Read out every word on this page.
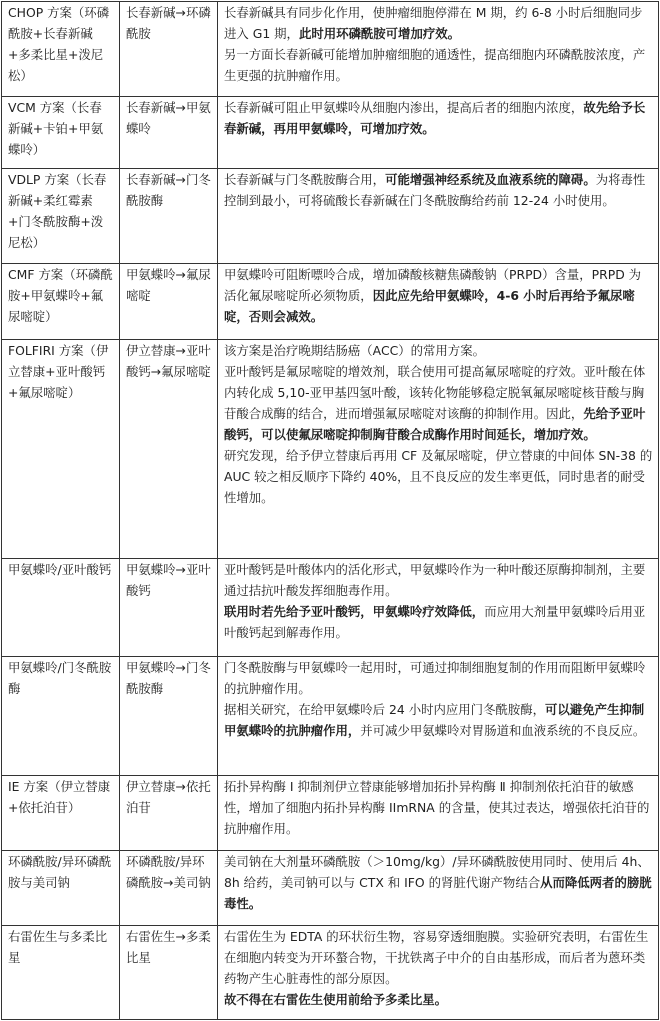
CHOP 方案（环磷酰胺+长春新碱+多柔比星+泼尼松）	长春新碱→环磷酰胺	长春新碱具有同步化作用，使肿瘤细胞停滞在 M 期，约 6-8 小时后细胞同步进入 G1 期，此时用环磷酰胺可增加疗效。
另一方面长春新碱可能增加肿瘤细胞的通透性，提高细胞内环磷酰胺浓度，产生更强的抗肿瘤作用。

VCM 方案（长春新碱+卡铂+甲氨蝶呤）	长春新碱→甲氨蝶呤	长春新碱可阻止甲氨蝶呤从细胞内渗出，提高后者的细胞内浓度，故先给予长春新碱，再用甲氨蝶呤，可增加疗效。

VDLP 方案（长春新碱+柔红霉素+门冬酰胺酶+泼尼松）	长春新碱→门冬酰胺酶	长春新碱与门冬酰胺酶合用，可能增强神经系统及血液系统的障碍。为将毒性控制到最小，可将硫酸长春新碱在门冬酰胺酶给药前 12-24 小时使用。

CMF 方案（环磷酰胺+甲氨蝶呤+氟尿嘧啶）	甲氨蝶呤→氟尿嘧啶	甲氨蝶呤可阻断嘌呤合成，增加磷酸核糖焦磷酸钠（PRPD）含量，PRPD 为活化氟尿嘧啶所必须物质，因此应先给甲氨蝶呤，4-6 小时后再给予氟尿嘧啶，否则会减效。

FOLFIRI 方案（伊立替康+亚叶酸钙+氟尿嘧啶）	伊立替康→亚叶酸钙→氟尿嘧啶	该方案是治疗晚期结肠癌（ACC）的常用方案。
亚叶酸钙是氟尿嘧啶的增效剂，联合使用可提高氟尿嘧啶的疗效。亚叶酸在体内转化成 5,10-亚甲基四氢叶酸，该转化物能够稳定脱氧氟尿嘧啶核苷酸与胸苷酸合成酶的结合，进而增强氟尿嘧啶对该酶的抑制作用。因此，先给予亚叶酸钙，可以使氟尿嘧啶抑制胸苷酸合成酶作用时间延长，增加疗效。
研究发现，给予伊立替康后再用 CF 及氟尿嘧啶，伊立替康的中间体 SN-38 的 AUC 较之相反顺序下降约 40%，且不良反应的发生率更低，同时患者的耐受性增加。

甲氨蝶呤/亚叶酸钙	甲氨蝶呤→亚叶酸钙	亚叶酸钙是叶酸体内的活化形式，甲氨蝶呤作为一种叶酸还原酶抑制剂，主要通过拮抗叶酸发挥细胞毒作用。
联用时若先给予亚叶酸钙，甲氨蝶呤疗效降低，而应用大剂量甲氨蝶呤后用亚叶酸钙起到解毒作用。

甲氨蝶呤/门冬酰胺酶	甲氨蝶呤→门冬酰胺酶	门冬酰胺酶与甲氨蝶呤一起用时，可通过抑制细胞复制的作用而阻断甲氨蝶呤的抗肿瘤作用。
据相关研究，在给甲氨蝶呤后 24 小时内应用门冬酰胺酶，可以避免产生抑制甲氨蝶呤的抗肿瘤作用，并可减少甲氨蝶呤对胃肠道和血液系统的不良反应。

IE 方案（伊立替康+依托泊苷）	伊立替康→依托泊苷	拓扑异构酶 Ⅰ 抑制剂伊立替康能够增加拓扑异构酶 Ⅱ 抑制剂依托泊苷的敏感性，增加了细胞内拓扑异构酶 IImRNA 的含量，使其过表达，增强依托泊苷的抗肿瘤作用。

环磷酰胺/异环磷酰胺与美司钠	环磷酰胺/异环磷酰胺→美司钠	美司钠在大剂量环磷酰胺（＞10mg/kg）/异环磷酰胺使用同时、使用后 4h、8h 给药，美司钠可以与 CTX 和 IFO 的肾脏代谢产物结合从而降低两者的膀胱毒性。

右雷佐生与多柔比星	右雷佐生→多柔比星	右雷佐生为 EDTA 的环状衍生物，容易穿透细胞膜。实验研究表明，右雷佐生在细胞内转变为开环螯合物，干扰铁离子中介的自由基形成，而后者为蒽环类药物产生心脏毒性的部分原因。
故不得在右雷佐生使用前给予多柔比星。
